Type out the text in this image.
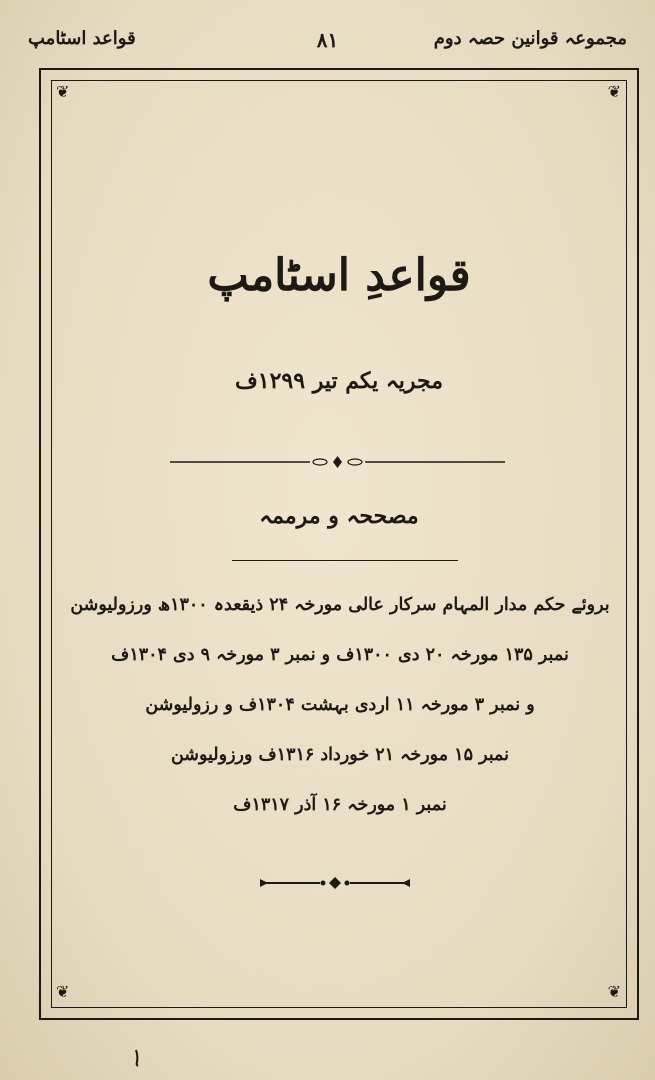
مجموعہ قوانین حصہ دوم
۸۱
قواعد اسٹامپ
❦	❦
❦	❦
قواعدِ اسٹامپ
مجریہ یکم تیر ۱۲۹۹ف
مصححہ و مرممہ
بروئے حکم مدار المہام سرکار عالی مورخہ ۲۴ ذیقعدہ ۱۳۰۰ھ ورزولیوشن
نمبر ۱۳۵ مورخہ ۲۰ دی ۱۳۰۰ف و نمبر ۳ مورخہ ۹ دی ۱۳۰۴ف
و نمبر ۳ مورخہ ۱۱ اردی بہشت ۱۳۰۴ف و رزولیوشن
نمبر ۱۵ مورخہ ۲۱ خورداد ۱۳۱۶ف ورزولیوشن
نمبر ۱ مورخہ ۱۶ آذر ۱۳۱۷ف
